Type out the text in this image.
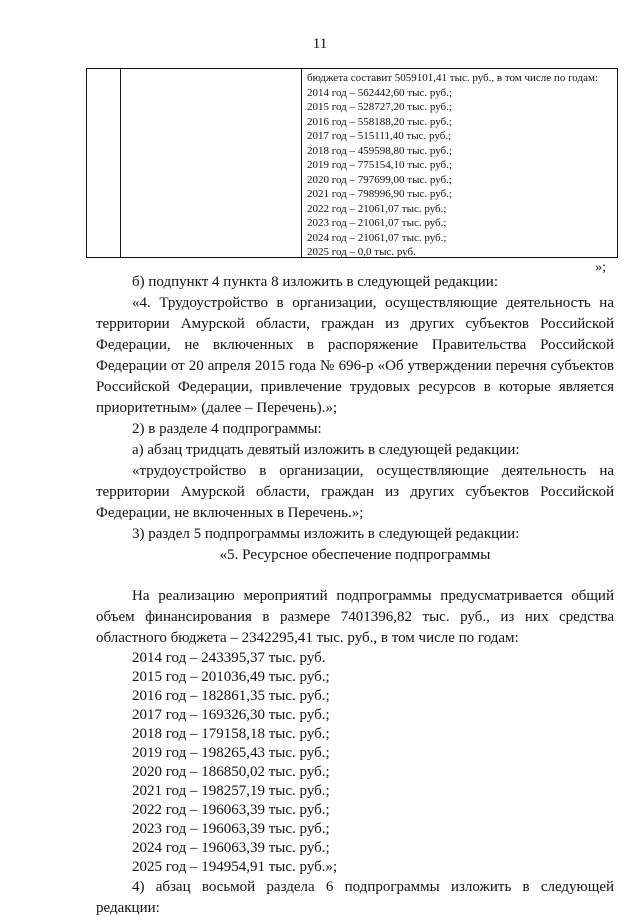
11
бюджета составит 5059101,41 тыс. руб., в том числе по годам:
2014 год – 562442,60 тыс. руб.;
2015 год – 528727,20 тыс. руб.;
2016 год – 558188,20 тыс. руб.;
2017 год – 515111,40 тыс. руб.;
2018 год – 459598,80 тыс. руб.;
2019 год – 775154,10 тыс. руб.;
2020 год – 797699,00 тыс. руб.;
2021 год – 798996,90 тыс. руб.;
2022 год – 21061,07 тыс. руб.;
2023 год – 21061,07 тыс. руб.;
2024 год – 21061,07 тыс. руб.;
2025 год – 0,0 тыс. руб.
»;

б) подпункт 4 пункта 8 изложить в следующей редакции:

«4. Трудоустройство в организации, осуществляющие деятельность на территории Амурской области, граждан из других субъектов Российской Федерации, не включенных в распоряжение Правительства Российской Федерации от 20 апреля 2015 года № 696-р «Об утверждении перечня субъектов Российской Федерации, привлечение трудовых ресурсов в которые является приоритетным» (далее – Перечень).»;

2) в разделе 4 подпрограммы:

а) абзац тридцать девятый изложить в следующей редакции:

«трудоустройство в организации, осуществляющие деятельность на территории Амурской области, граждан из других субъектов Российской Федерации, не включенных в Перечень.»;

3) раздел 5 подпрограммы изложить в следующей редакции:

«5. Ресурсное обеспечение подпрограммы

На реализацию мероприятий подпрограммы предусматривается общий объем финансирования в размере 7401396,82 тыс. руб., из них средства областного бюджета – 2342295,41 тыс. руб., в том числе по годам:

2014 год – 243395,37 тыс. руб.

2015 год – 201036,49 тыс. руб.;

2016 год – 182861,35 тыс. руб.;

2017 год – 169326,30 тыс. руб.;

2018 год – 179158,18 тыс. руб.;

2019 год – 198265,43 тыс. руб.;

2020 год – 186850,02 тыс. руб.;

2021 год – 198257,19 тыс. руб.;

2022 год – 196063,39 тыс. руб.;

2023 год – 196063,39 тыс. руб.;

2024 год – 196063,39 тыс. руб.;

2025 год – 194954,91 тыс. руб.»;

4) абзац восьмой раздела 6 подпрограммы изложить в следующей редакции:
